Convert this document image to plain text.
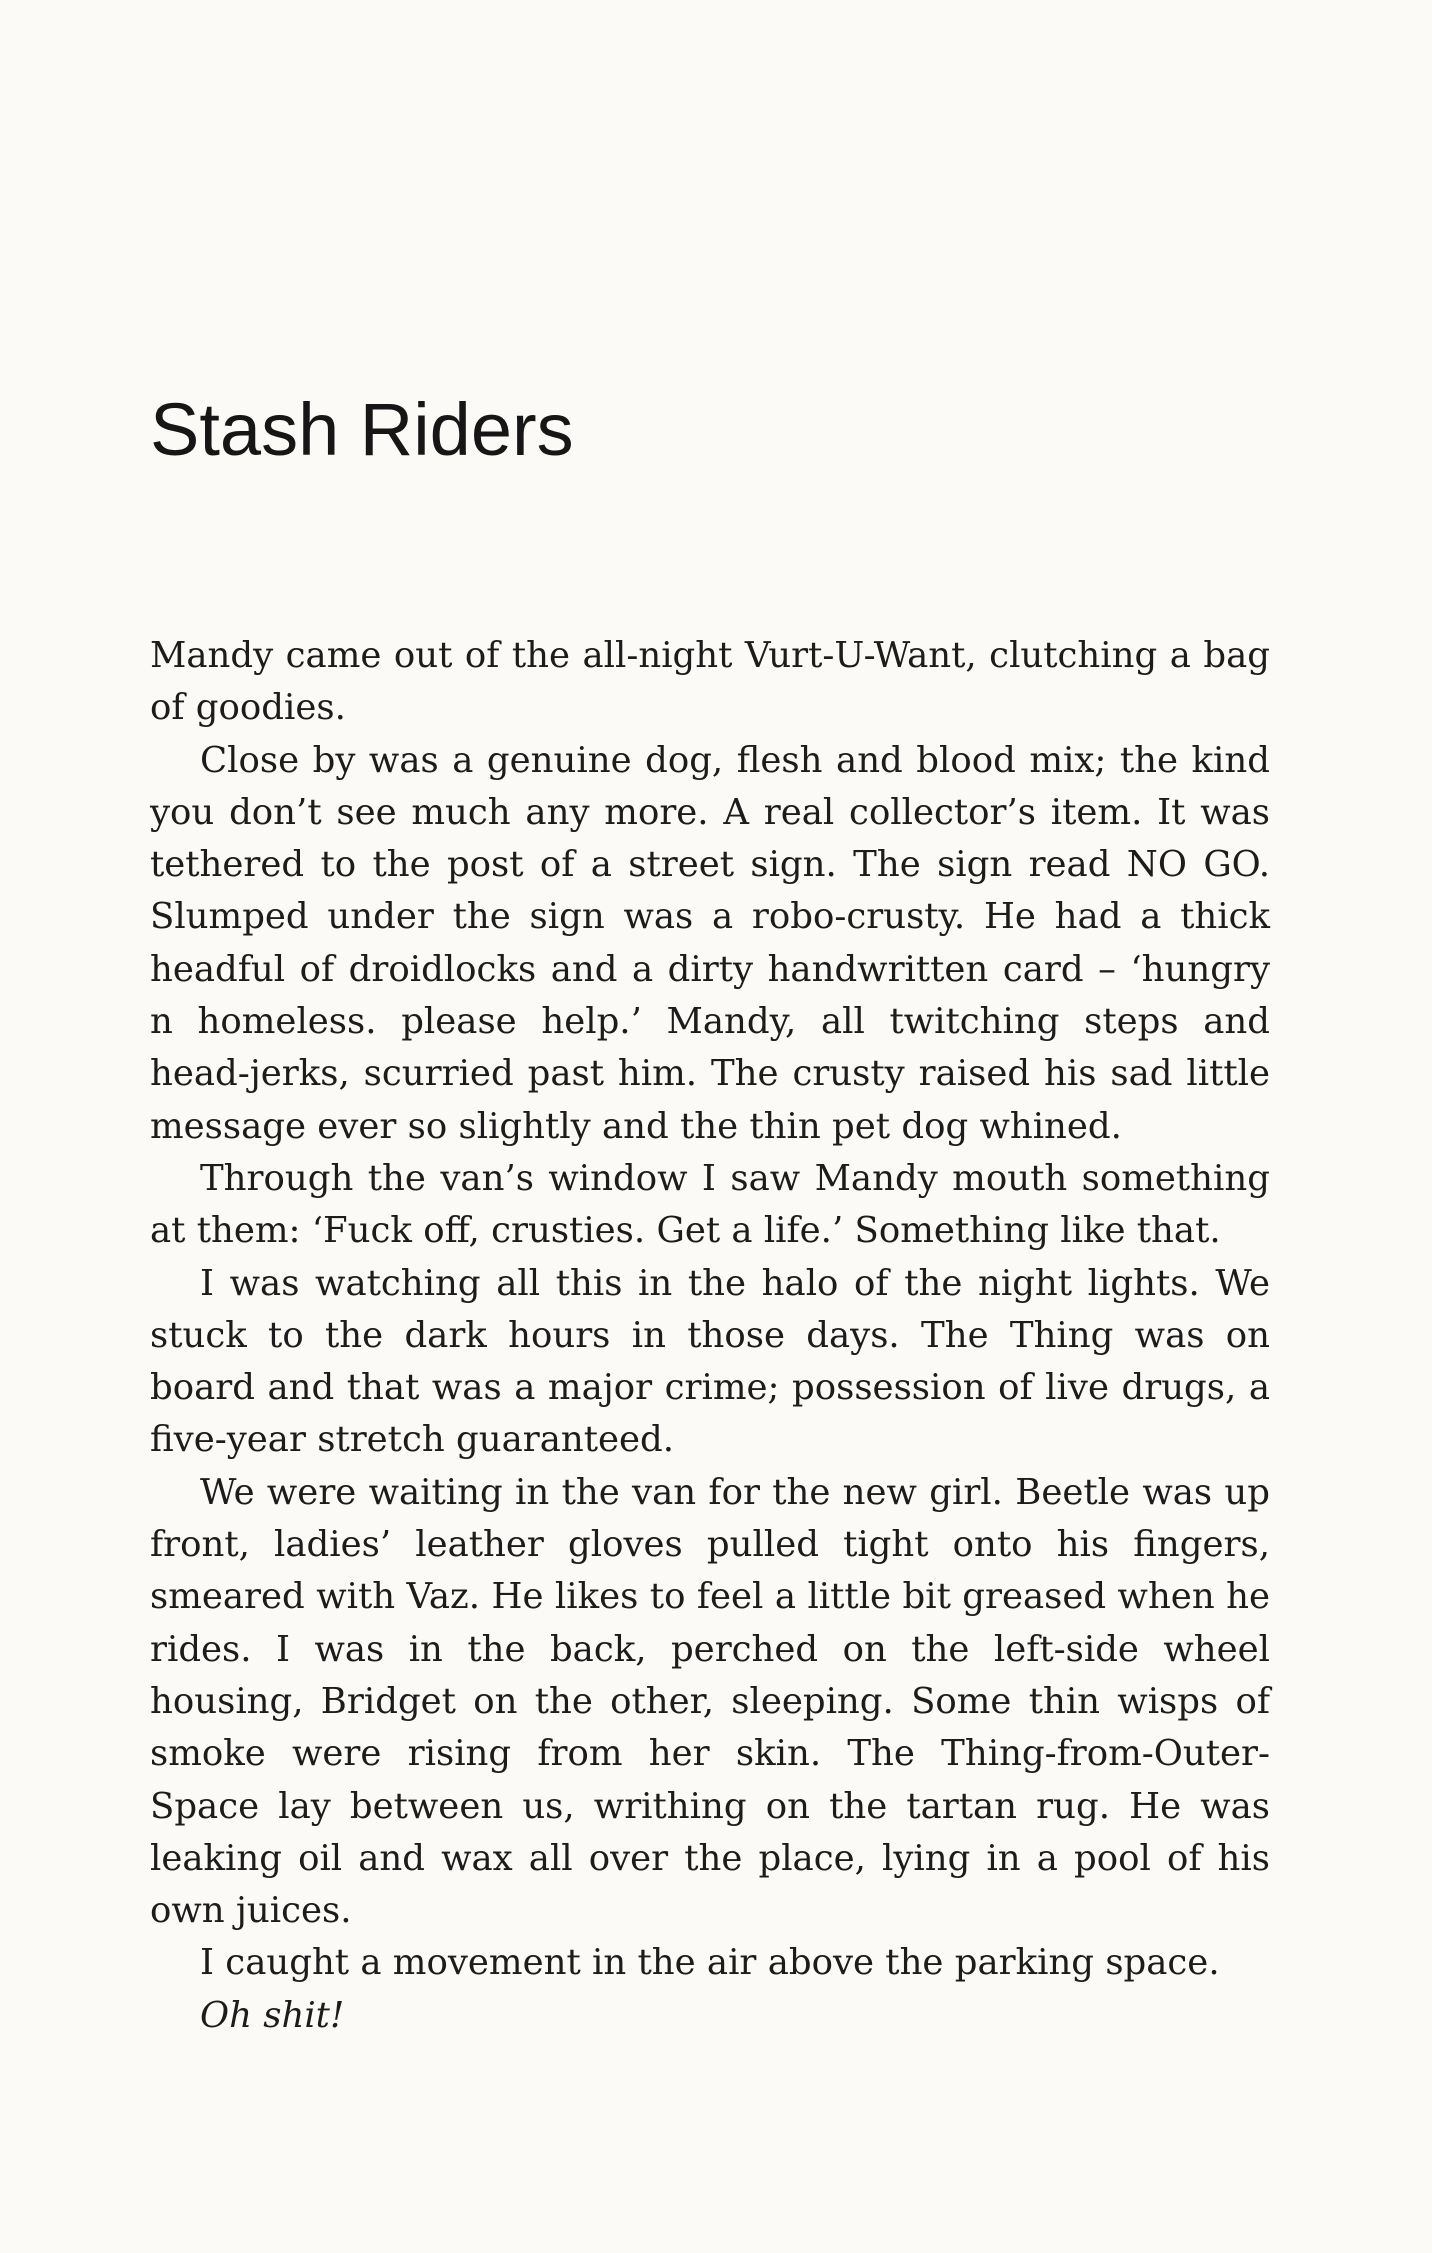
Stash Riders

Mandy came out of the all-night Vurt-U-Want, clutching a bag of goodies.

Close by was a genuine dog, flesh and blood mix; the kind you don’t see much any more. A real collector’s item. It was tethered to the post of a street sign. The sign read NO GO. Slumped under the sign was a robo-crusty. He had a thick headful of droidlocks and a dirty handwritten card – ‘hungry n homeless. please help.’ Mandy, all twitching steps and head-jerks, scurried past him. The crusty raised his sad little message ever so slightly and the thin pet dog whined.

Through the van’s window I saw Mandy mouth something at them: ‘Fuck off, crusties. Get a life.’ Something like that.

I was watching all this in the halo of the night lights. We stuck to the dark hours in those days. The Thing was on board and that was a major crime; possession of live drugs, a five-year stretch guaranteed.

We were waiting in the van for the new girl. Beetle was up front, ladies’ leather gloves pulled tight onto his fingers, smeared with Vaz. He likes to feel a little bit greased when he rides. I was in the back, perched on the left-side wheel housing, Bridget on the other, sleeping. Some thin wisps of smoke were rising from her skin. The Thing-from-Outer-Space lay between us, writhing on the tartan rug. He was leaking oil and wax all over the place, lying in a pool of his own juices.

I caught a movement in the air above the parking space.

Oh shit!
